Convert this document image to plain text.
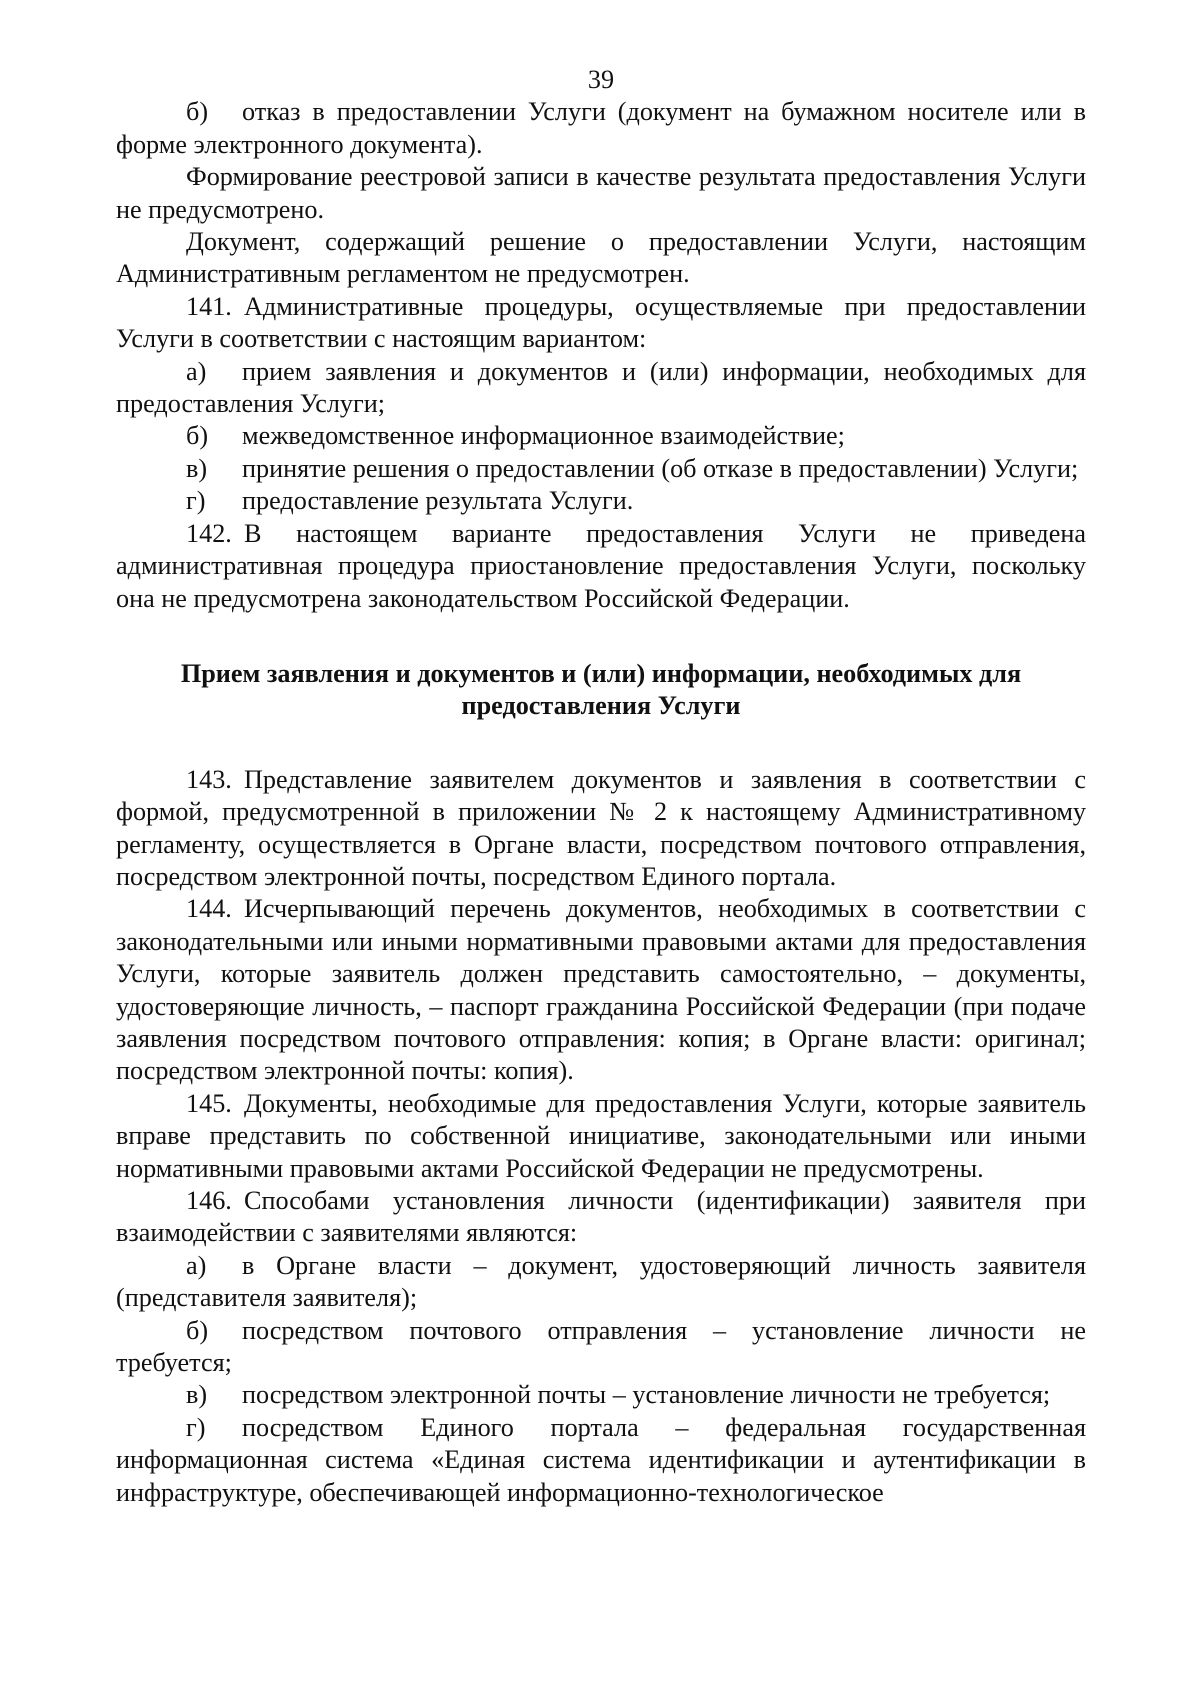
39

б) отказ в предоставлении Услуги (документ на бумажном носителе или в форме электронного документа).

Формирование реестровой записи в качестве результата предоставления Услуги не предусмотрено.

Документ, содержащий решение о предоставлении Услуги, настоящим Административным регламентом не предусмотрен.

141. Административные процедуры, осуществляемые при предоставлении Услуги в соответствии с настоящим вариантом:

а) прием заявления и документов и (или) информации, необходимых для предоставления Услуги;

б) межведомственное информационное взаимодействие;

в) принятие решения о предоставлении (об отказе в предоставлении) Услуги;

г) предоставление результата Услуги.

142. В настоящем варианте предоставления Услуги не приведена административная процедура приостановление предоставления Услуги, поскольку она не предусмотрена законодательством Российской Федерации.

Прием заявления и документов и (или) информации, необходимых для предоставления Услуги

143. Представление заявителем документов и заявления в соответствии с формой, предусмотренной в приложении № 2 к настоящему Административному регламенту, осуществляется в Органе власти, посредством почтового отправления, посредством электронной почты, посредством Единого портала.

144. Исчерпывающий перечень документов, необходимых в соответствии с законодательными или иными нормативными правовыми актами для предоставления Услуги, которые заявитель должен представить самостоятельно, – документы, удостоверяющие личность, – паспорт гражданина Российской Федерации (при подаче заявления посредством почтового отправления: копия; в Органе власти: оригинал; посредством электронной почты: копия).

145. Документы, необходимые для предоставления Услуги, которые заявитель вправе представить по собственной инициативе, законодательными или иными нормативными правовыми актами Российской Федерации не предусмотрены.

146. Способами установления личности (идентификации) заявителя при взаимодействии с заявителями являются:

а) в Органе власти – документ, удостоверяющий личность заявителя (представителя заявителя);

б) посредством почтового отправления – установление личности не требуется;

в) посредством электронной почты – установление личности не требуется;

г) посредством Единого портала – федеральная государственная информационная система «Единая система идентификации и аутентификации в инфраструктуре, обеспечивающей информационно-технологическое
